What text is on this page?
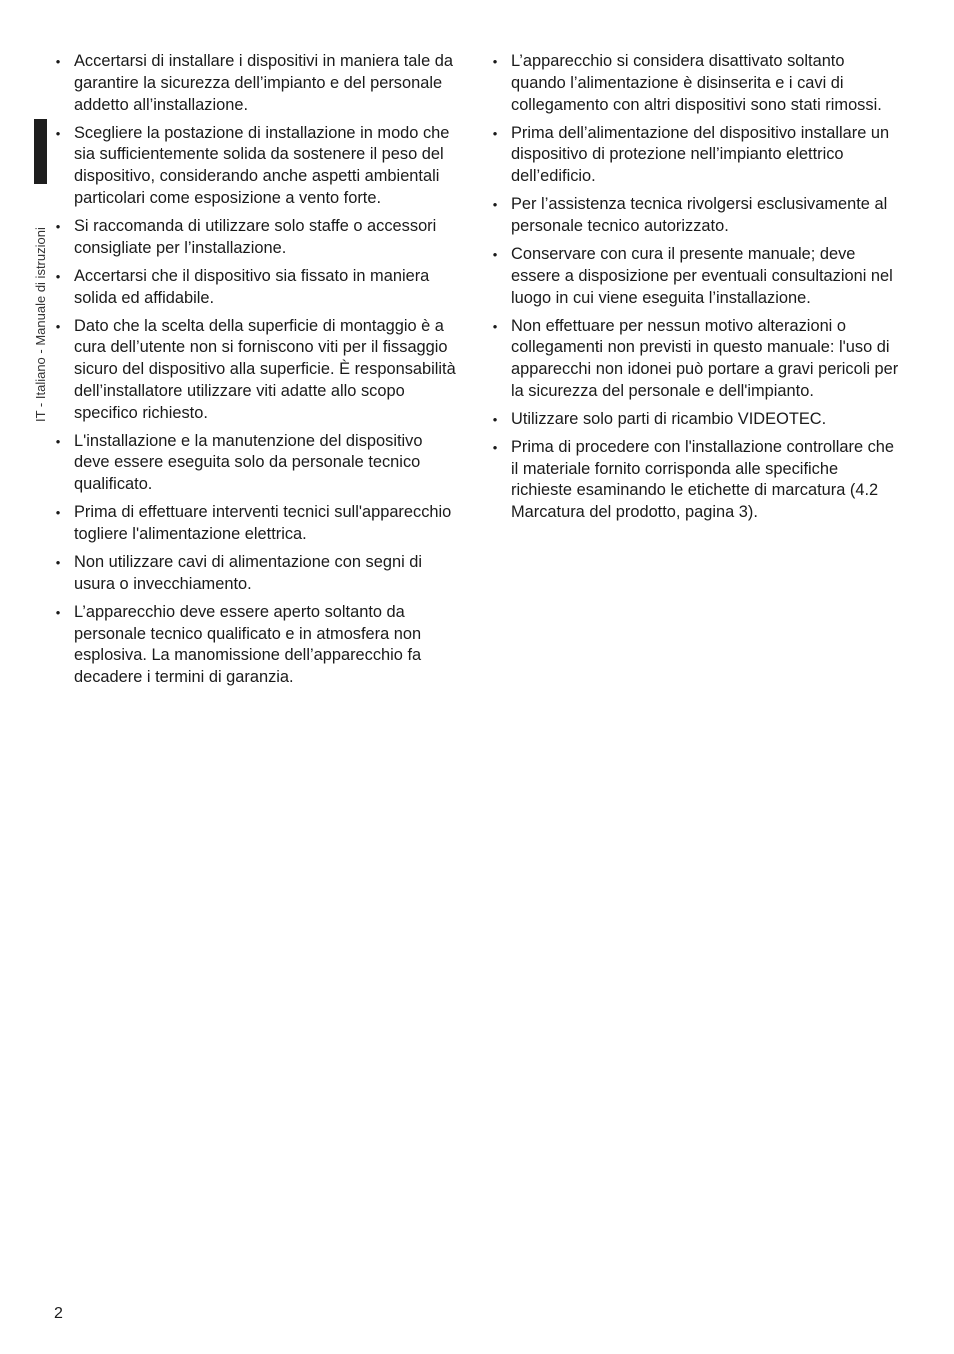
IT - Italiano - Manuale di istruzioni
• Accertarsi di installare i dispositivi in maniera tale da garantire la sicurezza dell’impianto e del personale addetto all’installazione.
• Scegliere la postazione di installazione in modo che sia sufficientemente solida da sostenere il peso del dispositivo, considerando anche aspetti ambientali particolari come esposizione a vento forte.
• Si raccomanda di utilizzare solo staffe o accessori consigliate per l’installazione.
• Accertarsi che il dispositivo sia fissato in maniera solida ed affidabile.
• Dato che la scelta della superficie di montaggio è a cura dell’utente non si forniscono viti per il fissaggio sicuro del dispositivo alla superficie. È responsabilità dell’installatore utilizzare viti adatte allo scopo specifico richiesto.
• L'installazione e la manutenzione del dispositivo deve essere eseguita solo da personale tecnico qualificato.
• Prima di effettuare interventi tecnici sull'apparecchio togliere l'alimentazione elettrica.
• Non utilizzare cavi di alimentazione con segni di usura o invecchiamento.
• L’apparecchio deve essere aperto soltanto da personale tecnico qualificato e in atmosfera non esplosiva. La manomissione dell’apparecchio fa decadere i termini di garanzia.
• L’apparecchio si considera disattivato soltanto quando l’alimentazione è disinserita e i cavi di collegamento con altri dispositivi sono stati rimossi.
• Prima dell’alimentazione del dispositivo installare un dispositivo di protezione nell’impianto elettrico dell’edificio.
• Per l’assistenza tecnica rivolgersi esclusivamente al personale tecnico autorizzato.
• Conservare con cura il presente manuale; deve essere a disposizione per eventuali consultazioni nel luogo in cui viene eseguita l’installazione.
• Non effettuare per nessun motivo alterazioni o collegamenti non previsti in questo manuale: l'uso di apparecchi non idonei può portare a gravi pericoli per la sicurezza del personale e dell'impianto.
• Utilizzare solo parti di ricambio VIDEOTEC.
• Prima di procedere con l'installazione controllare che il materiale fornito corrisponda alle specifiche richieste esaminando le etichette di marcatura (4.2 Marcatura del prodotto, pagina 3).
2
